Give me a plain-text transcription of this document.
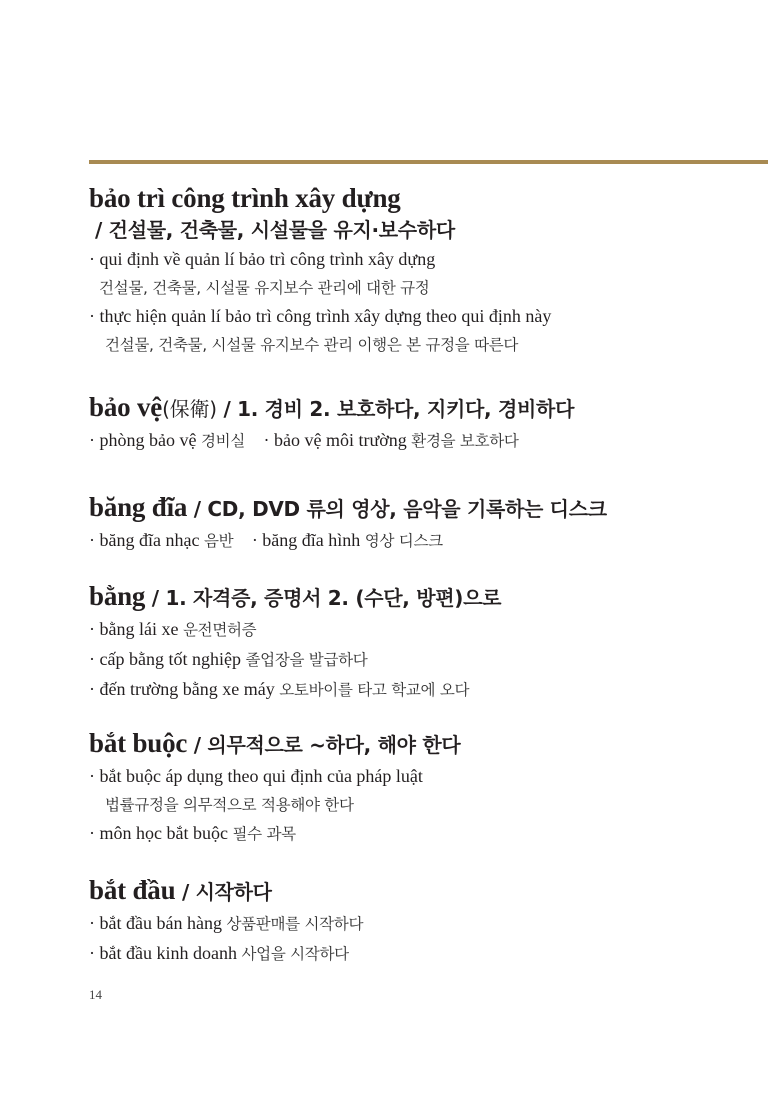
bảo trì công trình xây dựng
/ 건설물, 건축물, 시설물을 유지·보수하다
· qui định về quản lí bảo trì công trình xây dựng
건설물, 건축물, 시설물 유지보수 관리에 대한 규정
· thực hiện quản lí bảo trì công trình xây dựng theo qui định này
건설물, 건축물, 시설물 유지보수 관리 이행은 본 규정을 따른다
bảo vệ(保衛) / 1. 경비 2. 보호하다, 지키다, 경비하다
· phòng bảo vệ 경비실 · bảo vệ môi trường 환경을 보호하다
băng đĩa / CD, DVD 류의 영상, 음악을 기록하는 디스크
· băng đĩa nhạc 음반 · băng đĩa hình 영상 디스크
bằng / 1. 자격증, 증명서 2. (수단, 방편)으로
· bằng lái xe 운전면허증
· cấp bằng tốt nghiệp 졸업장을 발급하다
· đến trường bằng xe máy 오토바이를 타고 학교에 오다
bắt buộc / 의무적으로 ~하다, 해야 한다
· bắt buộc áp dụng theo qui định của pháp luật
법률규정을 의무적으로 적용해야 한다
· môn học bắt buộc 필수 과목
bắt đầu / 시작하다
· bắt đầu bán hàng 상품판매를 시작하다
· bắt đầu kinh doanh 사업을 시작하다
14
